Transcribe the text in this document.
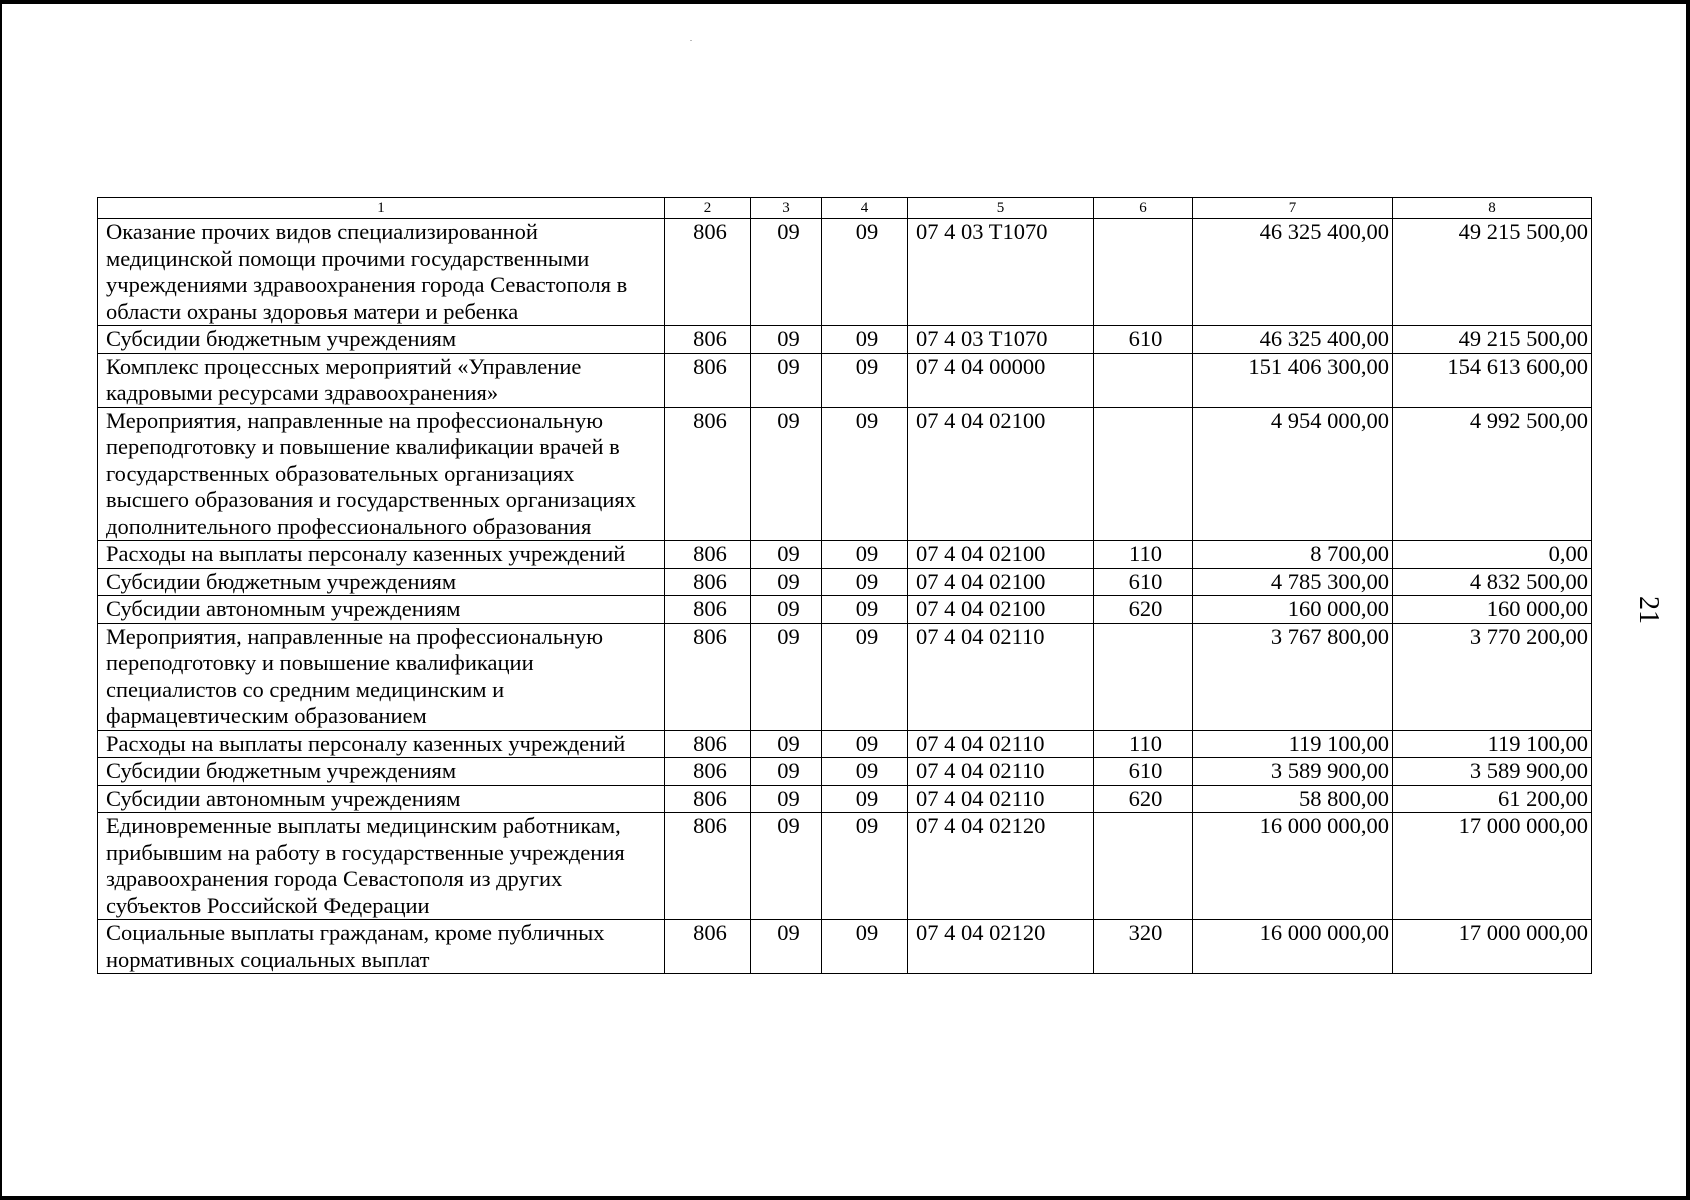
1	2	3	4	5	6	7	8
Оказание прочих видов специализированной медицинской помощи прочими государственными учреждениями здравоохранения города Севастополя в области охраны здоровья матери и ребенка	806	09	09	07 4 03 T1070		46 325 400,00	49 215 500,00
Субсидии бюджетным учреждениям	806	09	09	07 4 03 T1070	610	46 325 400,00	49 215 500,00
Комплекс процессных мероприятий «Управление кадровыми ресурсами здравоохранения»	806	09	09	07 4 04 00000		151 406 300,00	154 613 600,00
Мероприятия, направленные на профессиональную переподготовку и повышение квалификации врачей в государственных образовательных организациях высшего образования и государственных организациях дополнительного профессионального образования	806	09	09	07 4 04 02100		4 954 000,00	4 992 500,00
Расходы на выплаты персоналу казенных учреждений	806	09	09	07 4 04 02100	110	8 700,00	0,00
Субсидии бюджетным учреждениям	806	09	09	07 4 04 02100	610	4 785 300,00	4 832 500,00
Субсидии автономным учреждениям	806	09	09	07 4 04 02100	620	160 000,00	160 000,00
Мероприятия, направленные на профессиональную переподготовку и повышение квалификации специалистов со средним медицинским и фармацевтическим образованием	806	09	09	07 4 04 02110		3 767 800,00	3 770 200,00
Расходы на выплаты персоналу казенных учреждений	806	09	09	07 4 04 02110	110	119 100,00	119 100,00
Субсидии бюджетным учреждениям	806	09	09	07 4 04 02110	610	3 589 900,00	3 589 900,00
Субсидии автономным учреждениям	806	09	09	07 4 04 02110	620	58 800,00	61 200,00
Единовременные выплаты медицинским работникам, прибывшим на работу в государственные учреждения здравоохранения города Севастополя из других субъектов Российской Федерации	806	09	09	07 4 04 02120		16 000 000,00	17 000 000,00
Социальные выплаты гражданам, кроме публичных нормативных социальных выплат	806	09	09	07 4 04 02120	320	16 000 000,00	17 000 000,00
21
